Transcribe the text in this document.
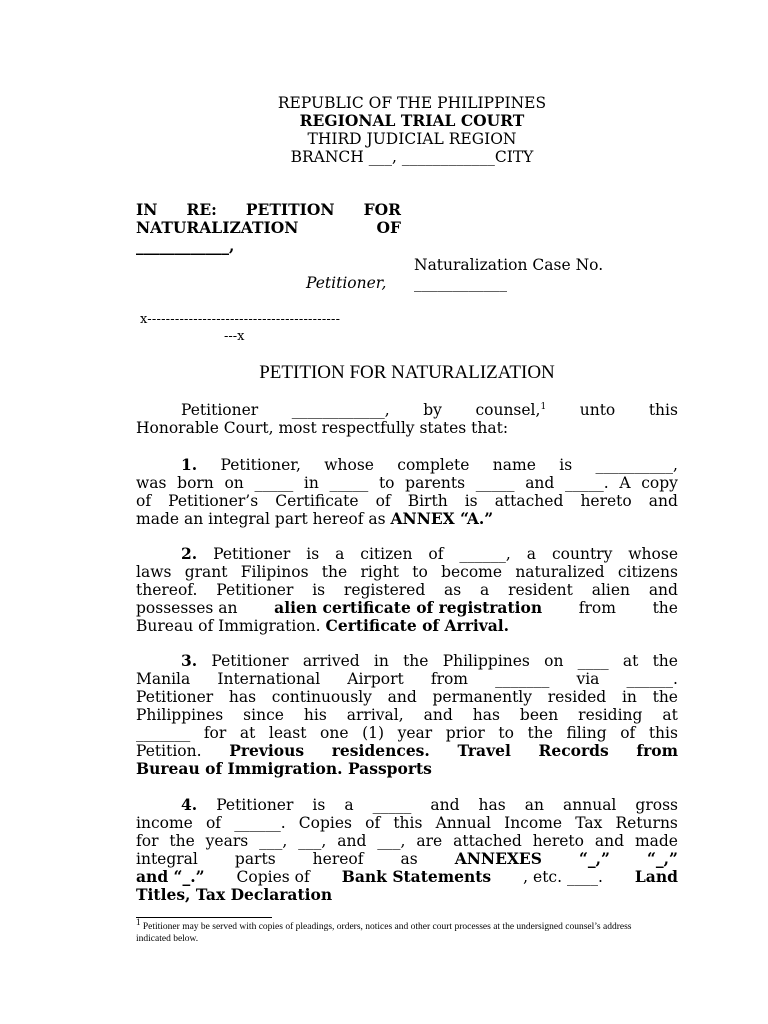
REPUBLIC OF THE PHILIPPINES
REGIONAL TRIAL COURT
THIRD JUDICIAL REGION
BRANCH ___, ____________CITY
IN RE: PETITION FOR
NATURALIZATION	OF
____________,
Naturalization Case No.
Petitioner, ____________
x------------------------------------------
---x
PETITION FOR NATURALIZATION
Petitioner ____________, by counsel,$^1$ unto this
Honorable Court, most respectfully states that:
1. Petitioner, whose complete name is __________,
was born on _____ in _____ to parents _____ and _____. A copy
of Petitioner’s Certificate of Birth is attached hereto and
made an integral part hereof as ANNEX “A.”
2. Petitioner is a citizen of ______, a country whose
laws grant Filipinos the right to become naturalized citizens
thereof. Petitioner is registered as a resident alien and
possesses an alien certificate of registration from the
Bureau of Immigration. Certificate of Arrival.
3. Petitioner arrived in the Philippines on ____ at the
Manila International Airport from _______ via ______.
Petitioner has continuously and permanently resided in the
Philippines since his arrival, and has been residing at
_______ for at least one (1) year prior to the filing of this
Petition. Previous residences. Travel Records from
Bureau of Immigration. Passports
4. Petitioner is a _____ and has an annual gross
income of ______. Copies of this Annual Income Tax Returns
for the years ___, ___, and ___, are attached hereto and made
integral parts hereof as ANNEXES “_,” “_,”
and “_.” Copies of Bank Statements , etc. ____. Land
Titles, Tax Declaration
$^1$ Petitioner may be served with copies of pleadings, orders, notices and other court processes at the undersigned counsel’s address indicated below.
